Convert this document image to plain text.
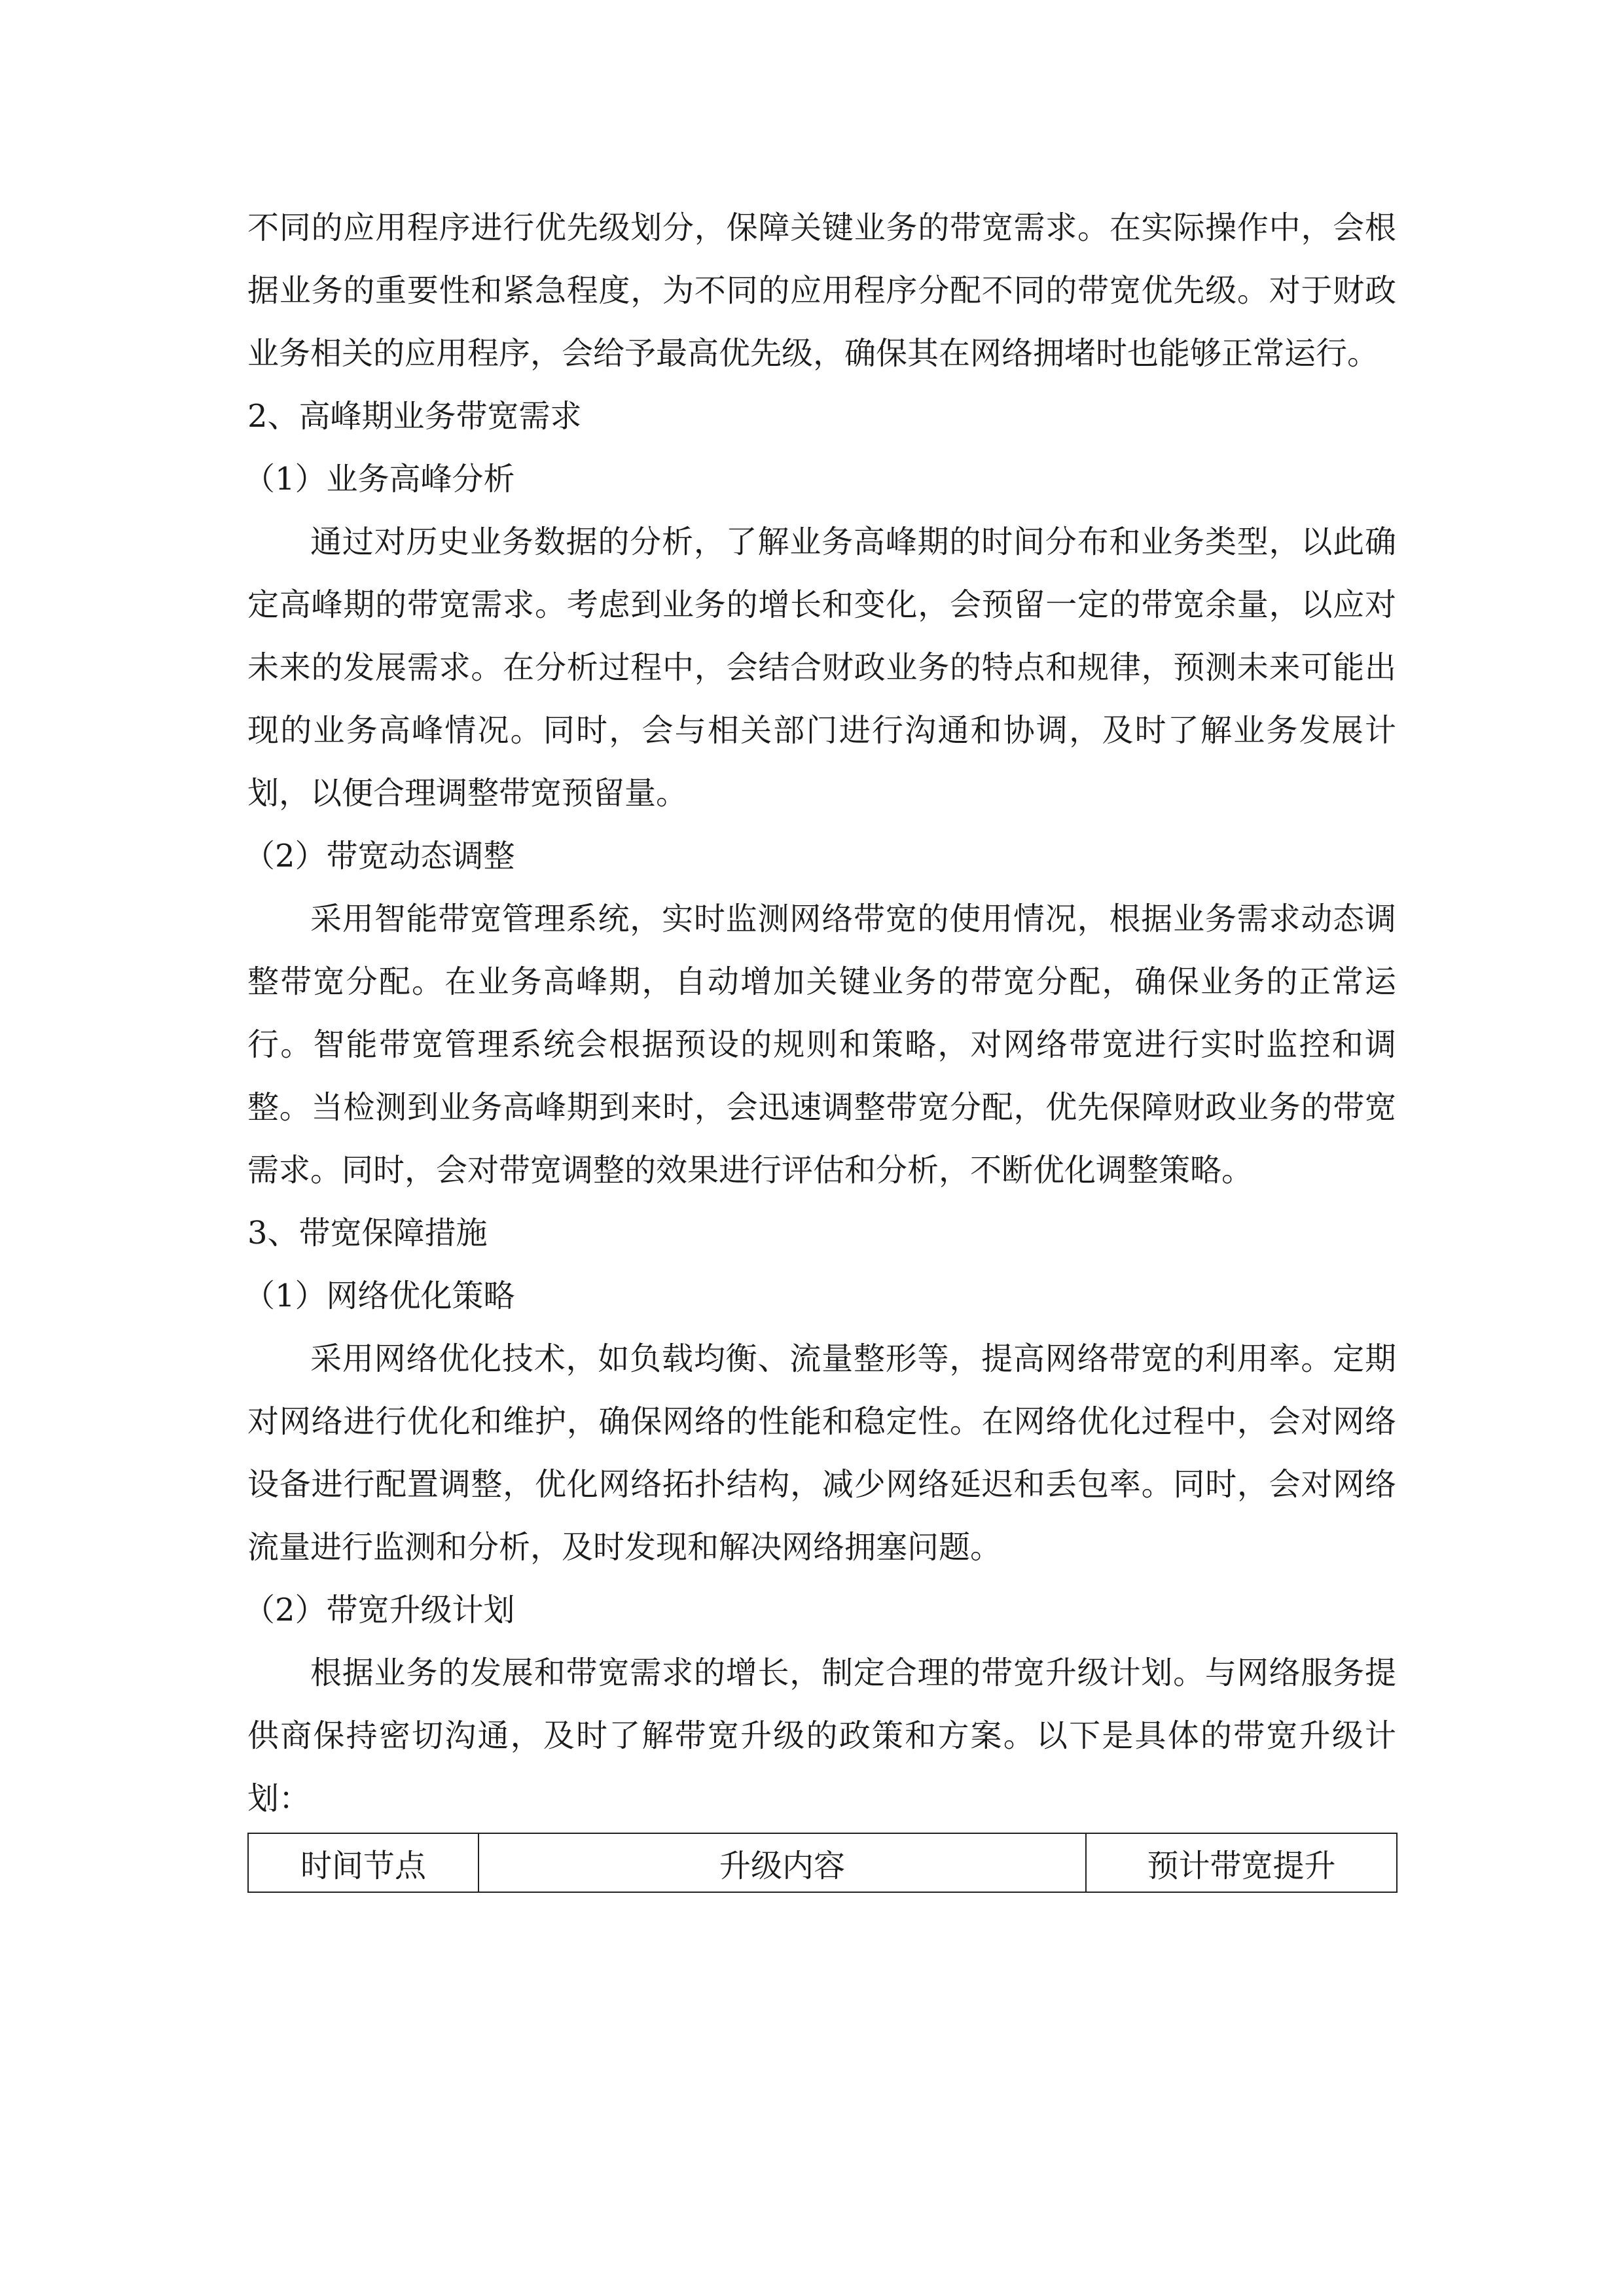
不同的应用程序进行优先级划分，保障关键业务的带宽需求。在实际操作中，会根据业务的重要性和紧急程度，为不同的应用程序分配不同的带宽优先级。对于财政业务相关的应用程序，会给予最高优先级，确保其在网络拥堵时也能够正常运行。

2、高峰期业务带宽需求

（1）业务高峰分析

通过对历史业务数据的分析，了解业务高峰期的时间分布和业务类型，以此确定高峰期的带宽需求。考虑到业务的增长和变化，会预留一定的带宽余量，以应对未来的发展需求。在分析过程中，会结合财政业务的特点和规律，预测未来可能出现的业务高峰情况。同时，会与相关部门进行沟通和协调，及时了解业务发展计划，以便合理调整带宽预留量。

（2）带宽动态调整

采用智能带宽管理系统，实时监测网络带宽的使用情况，根据业务需求动态调整带宽分配。在业务高峰期，自动增加关键业务的带宽分配，确保业务的正常运行。智能带宽管理系统会根据预设的规则和策略，对网络带宽进行实时监控和调整。当检测到业务高峰期到来时，会迅速调整带宽分配，优先保障财政业务的带宽需求。同时，会对带宽调整的效果进行评估和分析，不断优化调整策略。

3、带宽保障措施

（1）网络优化策略

采用网络优化技术，如负载均衡、流量整形等，提高网络带宽的利用率。定期对网络进行优化和维护，确保网络的性能和稳定性。在网络优化过程中，会对网络设备进行配置调整，优化网络拓扑结构，减少网络延迟和丢包率。同时，会对网络流量进行监测和分析，及时发现和解决网络拥塞问题。

（2）带宽升级计划

根据业务的发展和带宽需求的增长，制定合理的带宽升级计划。与网络服务提供商保持密切沟通，及时了解带宽升级的政策和方案。以下是具体的带宽升级计划：

时间节点	升级内容	预计带宽提升
